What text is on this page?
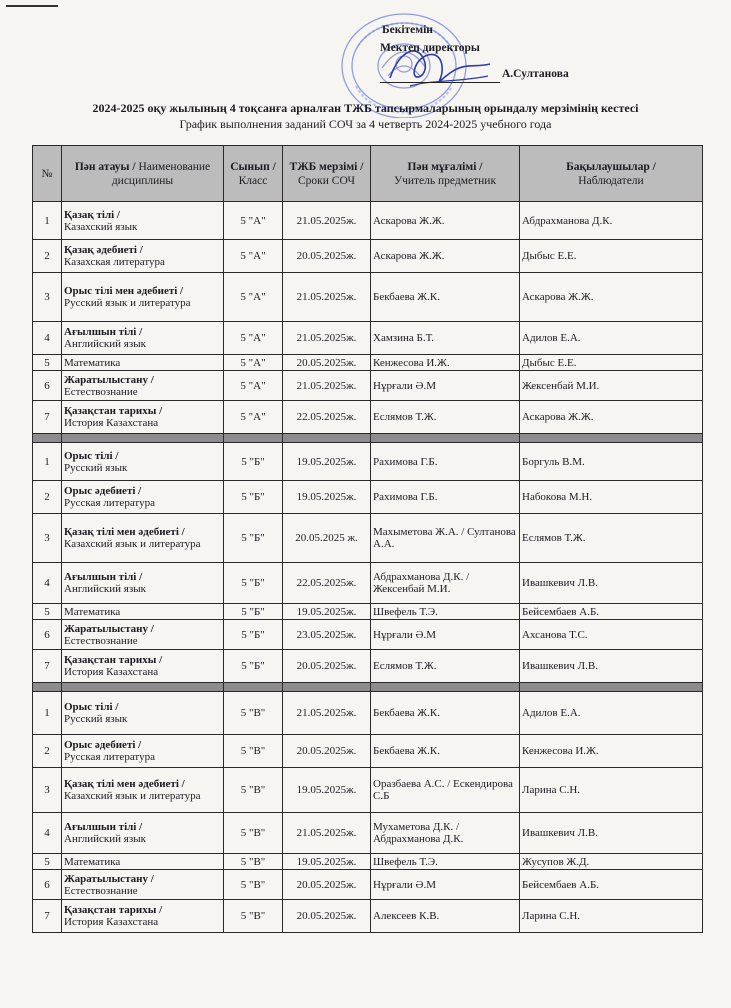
Бекітемін
Мектеп директоры
А.Султанова
2024-2025 оқу жылының 4 тоқсанға арналған ТЖБ тапсырмаларының орындалу мерзімінің кестесі
График выполнения заданий СОЧ за 4 четверть 2024-2025 учебного года
№	Пән атауы / Наименование дисциплины	Сынып /
Класс	ТЖБ мерзімі /
Сроки СОЧ	Пән мұғалімі /
Учитель предметник	Бақылаушылар /
Наблюдатели
1	Қазақ тілі /
Казахский язык	5 "А"	21.05.2025ж.	Аскарова Ж.Ж.	Абдрахманова Д.К.
2	Қазақ әдебиеті /
Казахская литература	5 "А"	20.05.2025ж.	Аскарова Ж.Ж.	Дыбыс Е.Е.
3	Орыс тілі мен әдебиеті /
Русский язык и литература	5 "А"	21.05.2025ж.	Бекбаева Ж.К.	Аскарова Ж.Ж.
4	Ағылшын тілі /
Английский язык	5 "А"	21.05.2025ж.	Хамзина Б.Т.	Адилов Е.А.
5	Математика	5 "А"	20.05.2025ж.	Кенжесова И.Ж.	Дыбыс Е.Е.
6	Жаратылыстану /
Естествознание	5 "А"	21.05.2025ж.	Нұрғали Ә.М	Жексенбай М.И.
7	Қазақстан тарихы /
История Казахстана	5 "А"	22.05.2025ж.	Еслямов Т.Ж.	Аскарова Ж.Ж.

1	Орыс тілі /
Русский язык	5 "Б"	19.05.2025ж.	Рахимова Г.Б.	Боргуль В.М.
2	Орыс әдебиеті /
Русская литература	5 "Б"	19.05.2025ж.	Рахимова Г.Б.	Набокова М.Н.
3	Қазақ тілі мен әдебиеті /
Казахский язык и литература	5 "Б"	20.05.2025 ж.	Махыметова Ж.А. / Султанова А.А.	Еслямов Т.Ж.
4	Ағылшын тілі /
Английский язык	5 "Б"	22.05.2025ж.	Абдрахманова Д.К. / Жексенбай М.И.	Ивашкевич Л.В.
5	Математика	5 "Б"	19.05.2025ж.	Швефель Т.Э.	Бейсембаев А.Б.
6	Жаратылыстану /
Естествознание	5 "Б"	23.05.2025ж.	Нұрғали Ә.М	Ахсанова Т.С.
7	Қазақстан тарихы /
История Казахстана	5 "Б"	20.05.2025ж.	Еслямов Т.Ж.	Ивашкевич Л.В.

1	Орыс тілі /
Русский язык	5 "В"	21.05.2025ж.	Бекбаева Ж.К.	Адилов Е.А.
2	Орыс әдебиеті /
Русская литература	5 "В"	20.05.2025ж.	Бекбаева Ж.К.	Кенжесова И.Ж.
3	Қазақ тілі мен әдебиеті /
Казахский язык и литература	5 "В"	19.05.2025ж.	Оразбаева А.С. / Ескендирова С.Б	Ларина С.Н.
4	Ағылшын тілі /
Английский язык	5 "В"	21.05.2025ж.	Мухаметова Д.К. / Абдрахманова Д.К.	Ивашкевич Л.В.
5	Математика	5 "В"	19.05.2025ж.	Швефель Т.Э.	Жусупов Ж.Д.
6	Жаратылыстану /
Естествознание	5 "В"	20.05.2025ж.	Нұрғали Ә.М	Бейсембаев А.Б.
7	Қазақстан тарихы /
История Казахстана	5 "В"	20.05.2025ж.	Алексеев К.В.	Ларина С.Н.
